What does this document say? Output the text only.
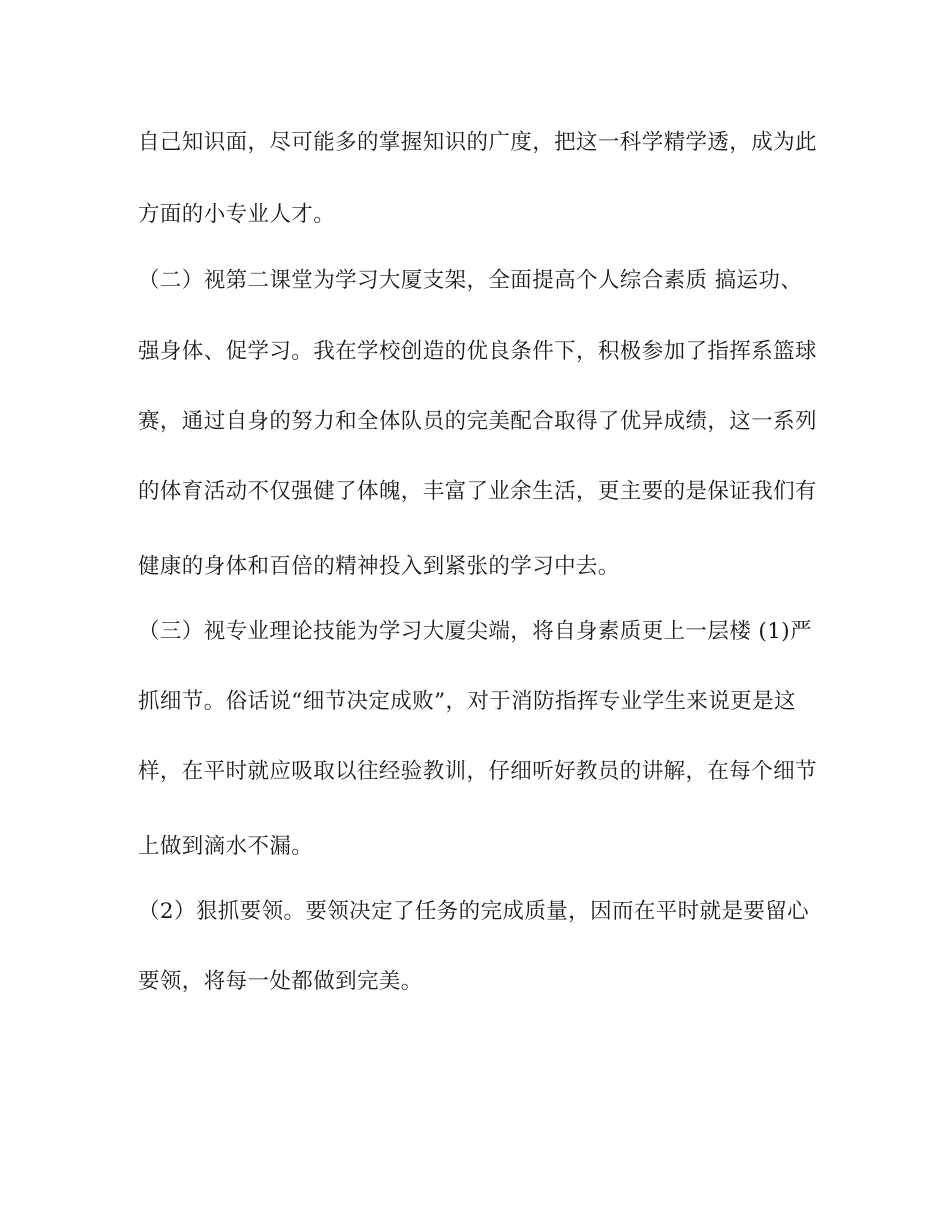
自己知识面，尽可能多的掌握知识的广度，把这一科学精学透，成为此
方面的小专业人才。
（二）视第二课堂为学习大厦支架，全面提高个人综合素质 搞运功、
强身体、促学习。我在学校创造的优良条件下，积极参加了指挥系篮球
赛，通过自身的努力和全体队员的完美配合取得了优异成绩，这一系列
的体育活动不仅强健了体魄，丰富了业余生活，更主要的是保证我们有
健康的身体和百倍的精神投入到紧张的学习中去。
（三）视专业理论技能为学习大厦尖端，将自身素质更上一层楼 (1)严
抓细节。俗话说“细节决定成败”，对于消防指挥专业学生来说更是这
样，在平时就应吸取以往经验教训，仔细听好教员的讲解，在每个细节
上做到滴水不漏。
（2）狠抓要领。要领决定了任务的完成质量，因而在平时就是要留心
要领，将每一处都做到完美。
